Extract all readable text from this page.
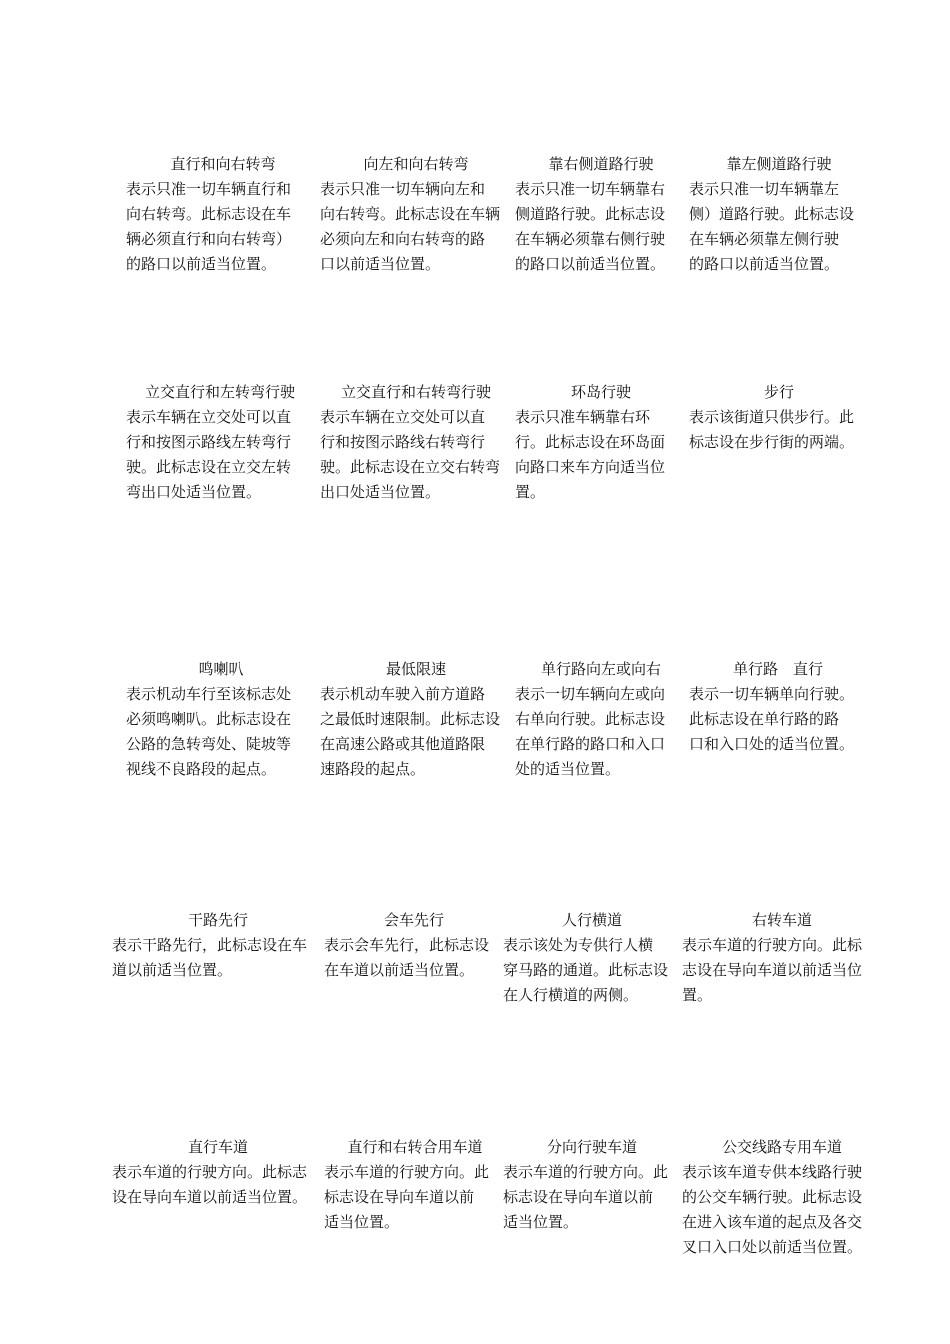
直行和向右转弯
表示只准一切车辆直行和
向右转弯。此标志设在车
辆必须直行和向右转弯）
的路口以前适当位置。
向左和向右转弯
表示只准一切车辆向左和
向右转弯。此标志设在车辆
必须向左和向右转弯的路
口以前适当位置。
靠右侧道路行驶
表示只准一切车辆靠右
侧道路行驶。此标志设
在车辆必须靠右侧行驶
的路口以前适当位置。
靠左侧道路行驶
表示只准一切车辆靠左
侧）道路行驶。此标志设
在车辆必须靠左侧行驶
的路口以前适当位置。
立交直行和左转弯行驶
表示车辆在立交处可以直
行和按图示路线左转弯行
驶。此标志设在立交左转
弯出口处适当位置。
立交直行和右转弯行驶
表示车辆在立交处可以直
行和按图示路线右转弯行
驶。此标志设在立交右转弯
出口处适当位置。
环岛行驶
表示只准车辆靠右环
行。此标志设在环岛面
向路口来车方向适当位
置。
步行
表示该街道只供步行。此
标志设在步行街的两端。
鸣喇叭
表示机动车行至该标志处
必须鸣喇叭。此标志设在
公路的急转弯处、陡坡等
视线不良路段的起点。
最低限速
表示机动车驶入前方道路
之最低时速限制。此标志设
在高速公路或其他道路限
速路段的起点。
单行路向左或向右
表示一切车辆向左或向
右单向行驶。此标志设
在单行路的路口和入口
处的适当位置。
单行路　直行
表示一切车辆单向行驶。
此标志设在单行路的路
口和入口处的适当位置。
干路先行
表示干路先行，此标志设在车
道以前适当位置。
会车先行
表示会车先行，此标志设
在车道以前适当位置。
人行横道
表示该处为专供行人横
穿马路的通道。此标志设
在人行横道的两侧。
右转车道
表示车道的行驶方向。此标
志设在导向车道以前适当位
置。
直行车道
表示车道的行驶方向。此标志
设在导向车道以前适当位置。
直行和右转合用车道
表示车道的行驶方向。此
标志设在导向车道以前
适当位置。
分向行驶车道
表示车道的行驶方向。此
标志设在导向车道以前
适当位置。
公交线路专用车道
表示该车道专供本线路行驶
的公交车辆行驶。此标志设
在进入该车道的起点及各交
叉口入口处以前适当位置。
